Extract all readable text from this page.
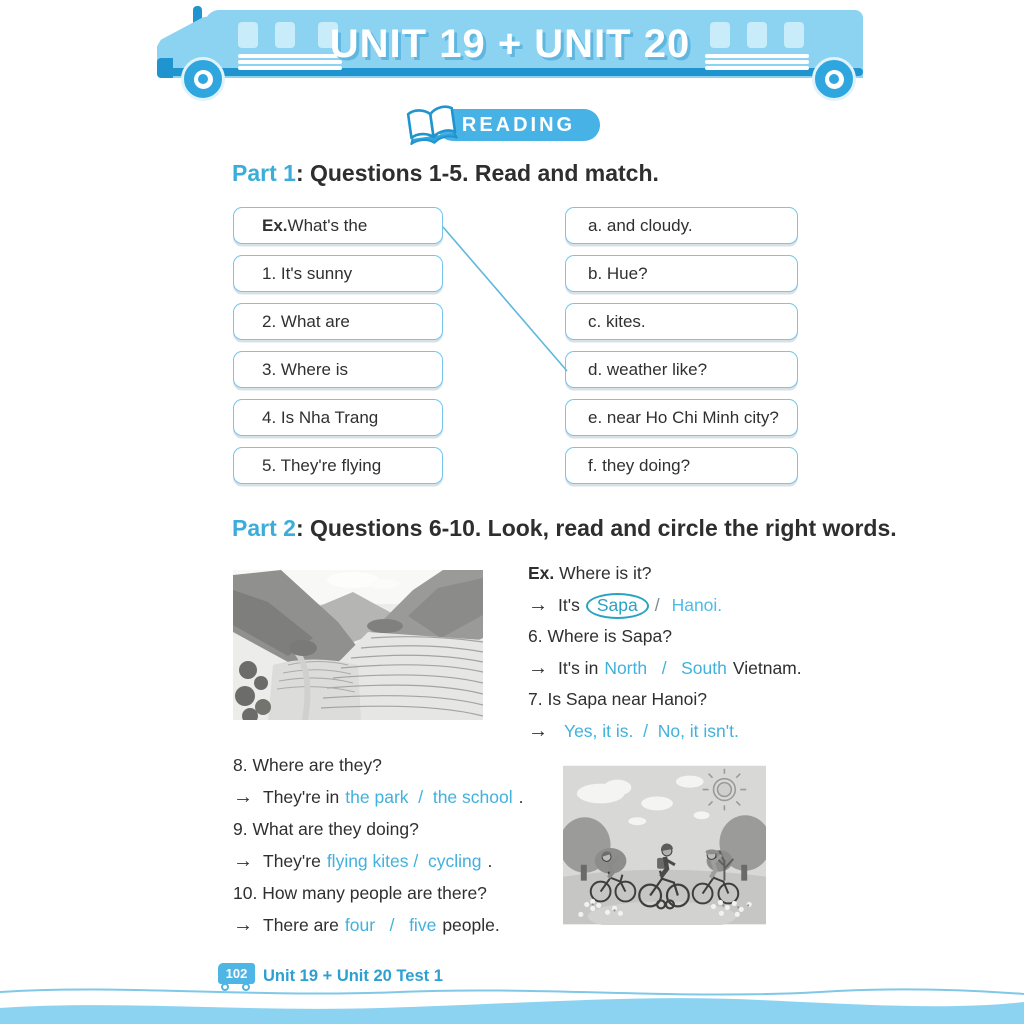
UNIT 19 + UNIT 20
READING
Part 1: Questions 1-5. Read and match.
Ex. What's the
1. It's sunny
2. What are
3. Where is
4. Is Nha Trang
5. They're flying
a. and cloudy.
b. Hue?
c. kites.
d. weather like?
e. near Ho Chi Minh city?
f. they doing?
Part 2: Questions 6-10. Look, read and circle the right words.
Ex. Where is it?
→ It's Sapa / Hanoi.
6. Where is Sapa?
→ It's in North   /   South Vietnam.
7. Is Sapa near Hanoi?
→ Yes, it is.  /  No, it isn't.
8. Where are they?
→ They're in the park  /  the school .
9. What are they doing?
→ They're flying kites /  cycling .
10. How many people are there?
→ There are four   /   five people.
102 Unit 19 + Unit 20 Test 1
